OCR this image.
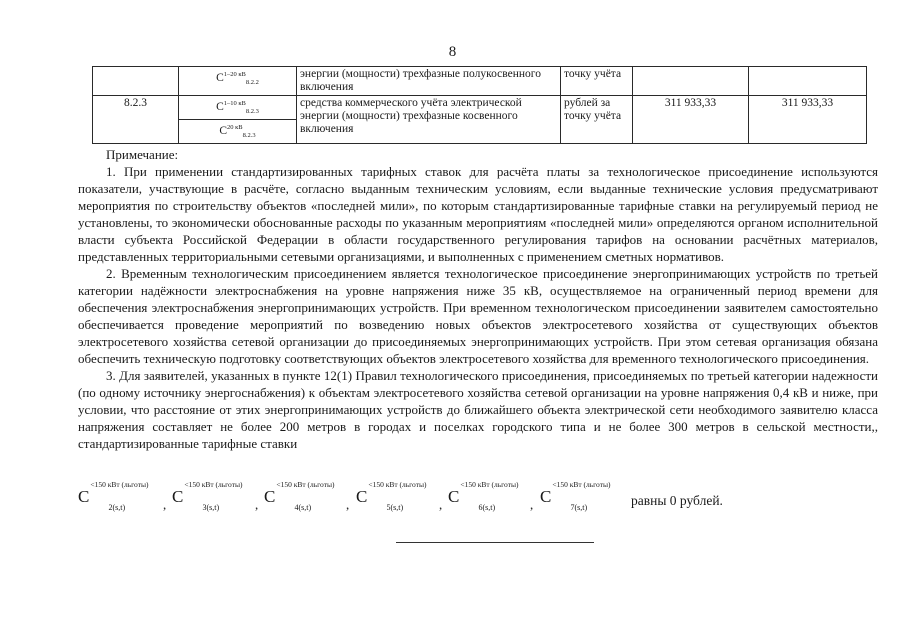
8
	$C^{1-20 кВ}_{8.2.2}$	энергии (мощности) трехфазные полукосвенного включения	точку учёта		
8.2.3	$C^{1-10 кВ}_{8.2.3}$	средства коммерческого учёта электрической энергии (мощности) трехфазные косвенного включения	рублей за точку учёта	311 933,33	311 933,33
	$C^{20 кВ}_{8.2.3}$

Примечание:

1. При применении стандартизированных тарифных ставок для расчёта платы за технологическое присоединение используются показатели, участвующие в расчёте, согласно выданным техническим условиям, если выданные технические условия предусматривают мероприятия по строительству объектов «последней мили», по которым стандартизированные тарифные ставки на регулируемый период не установлены, то экономически обоснованные расходы по указанным мероприятиям «последней мили» определяются органом исполнительной власти субъекта Российской Федерации в области государственного регулирования тарифов на основании расчётных материалов, представленных территориальными сетевыми организациями, и выполненных с применением сметных нормативов.

2. Временным технологическим присоединением является технологическое присоединение энергопринимающих устройств по третьей категории надёжности электроснабжения на уровне напряжения ниже 35 кВ, осуществляемое на ограниченный период времени для обеспечения электроснабжения энергопринимающих устройств. При временном технологическом присоединении заявителем самостоятельно обеспечивается проведение мероприятий по возведению новых объектов электросетевого хозяйства от существующих объектов электросетевого хозяйства сетевой организации до присоединяемых энергопринимающих устройств. При этом сетевая организация обязана обеспечить техническую подготовку соответствующих объектов электросетевого хозяйства для временного технологического присоединения.

3. Для заявителей, указанных в пункте 12(1) Правил технологического присоединения, присоединяемых по третьей категории надежности (по одному источнику энергоснабжения) к объектам электросетевого хозяйства сетевой организации на уровне напряжения 0,4 кВ и ниже, при условии, что расстояние от этих энергопринимающих устройств до ближайшего объекта электрической сети необходимого заявителю класса напряжения составляет не более 200 метров в городах и поселках городского типа и не более 300 метров в сельской местности,, стандартизированные тарифные ставки

$C^{<150 кВт (льготы)}_{2(s,t)}$	, $C^{<150 кВт (льготы)}_{3(s,t)}$	, $C^{<150 кВт (льготы)}_{4(s,t)}$	, $C^{<150 кВт (льготы)}_{5(s,t)}$	, $C^{<150 кВт (льготы)}_{6(s,t)}$	, $C^{<150 кВт (льготы)}_{7(s,t)}$	равны 0 рублей.
